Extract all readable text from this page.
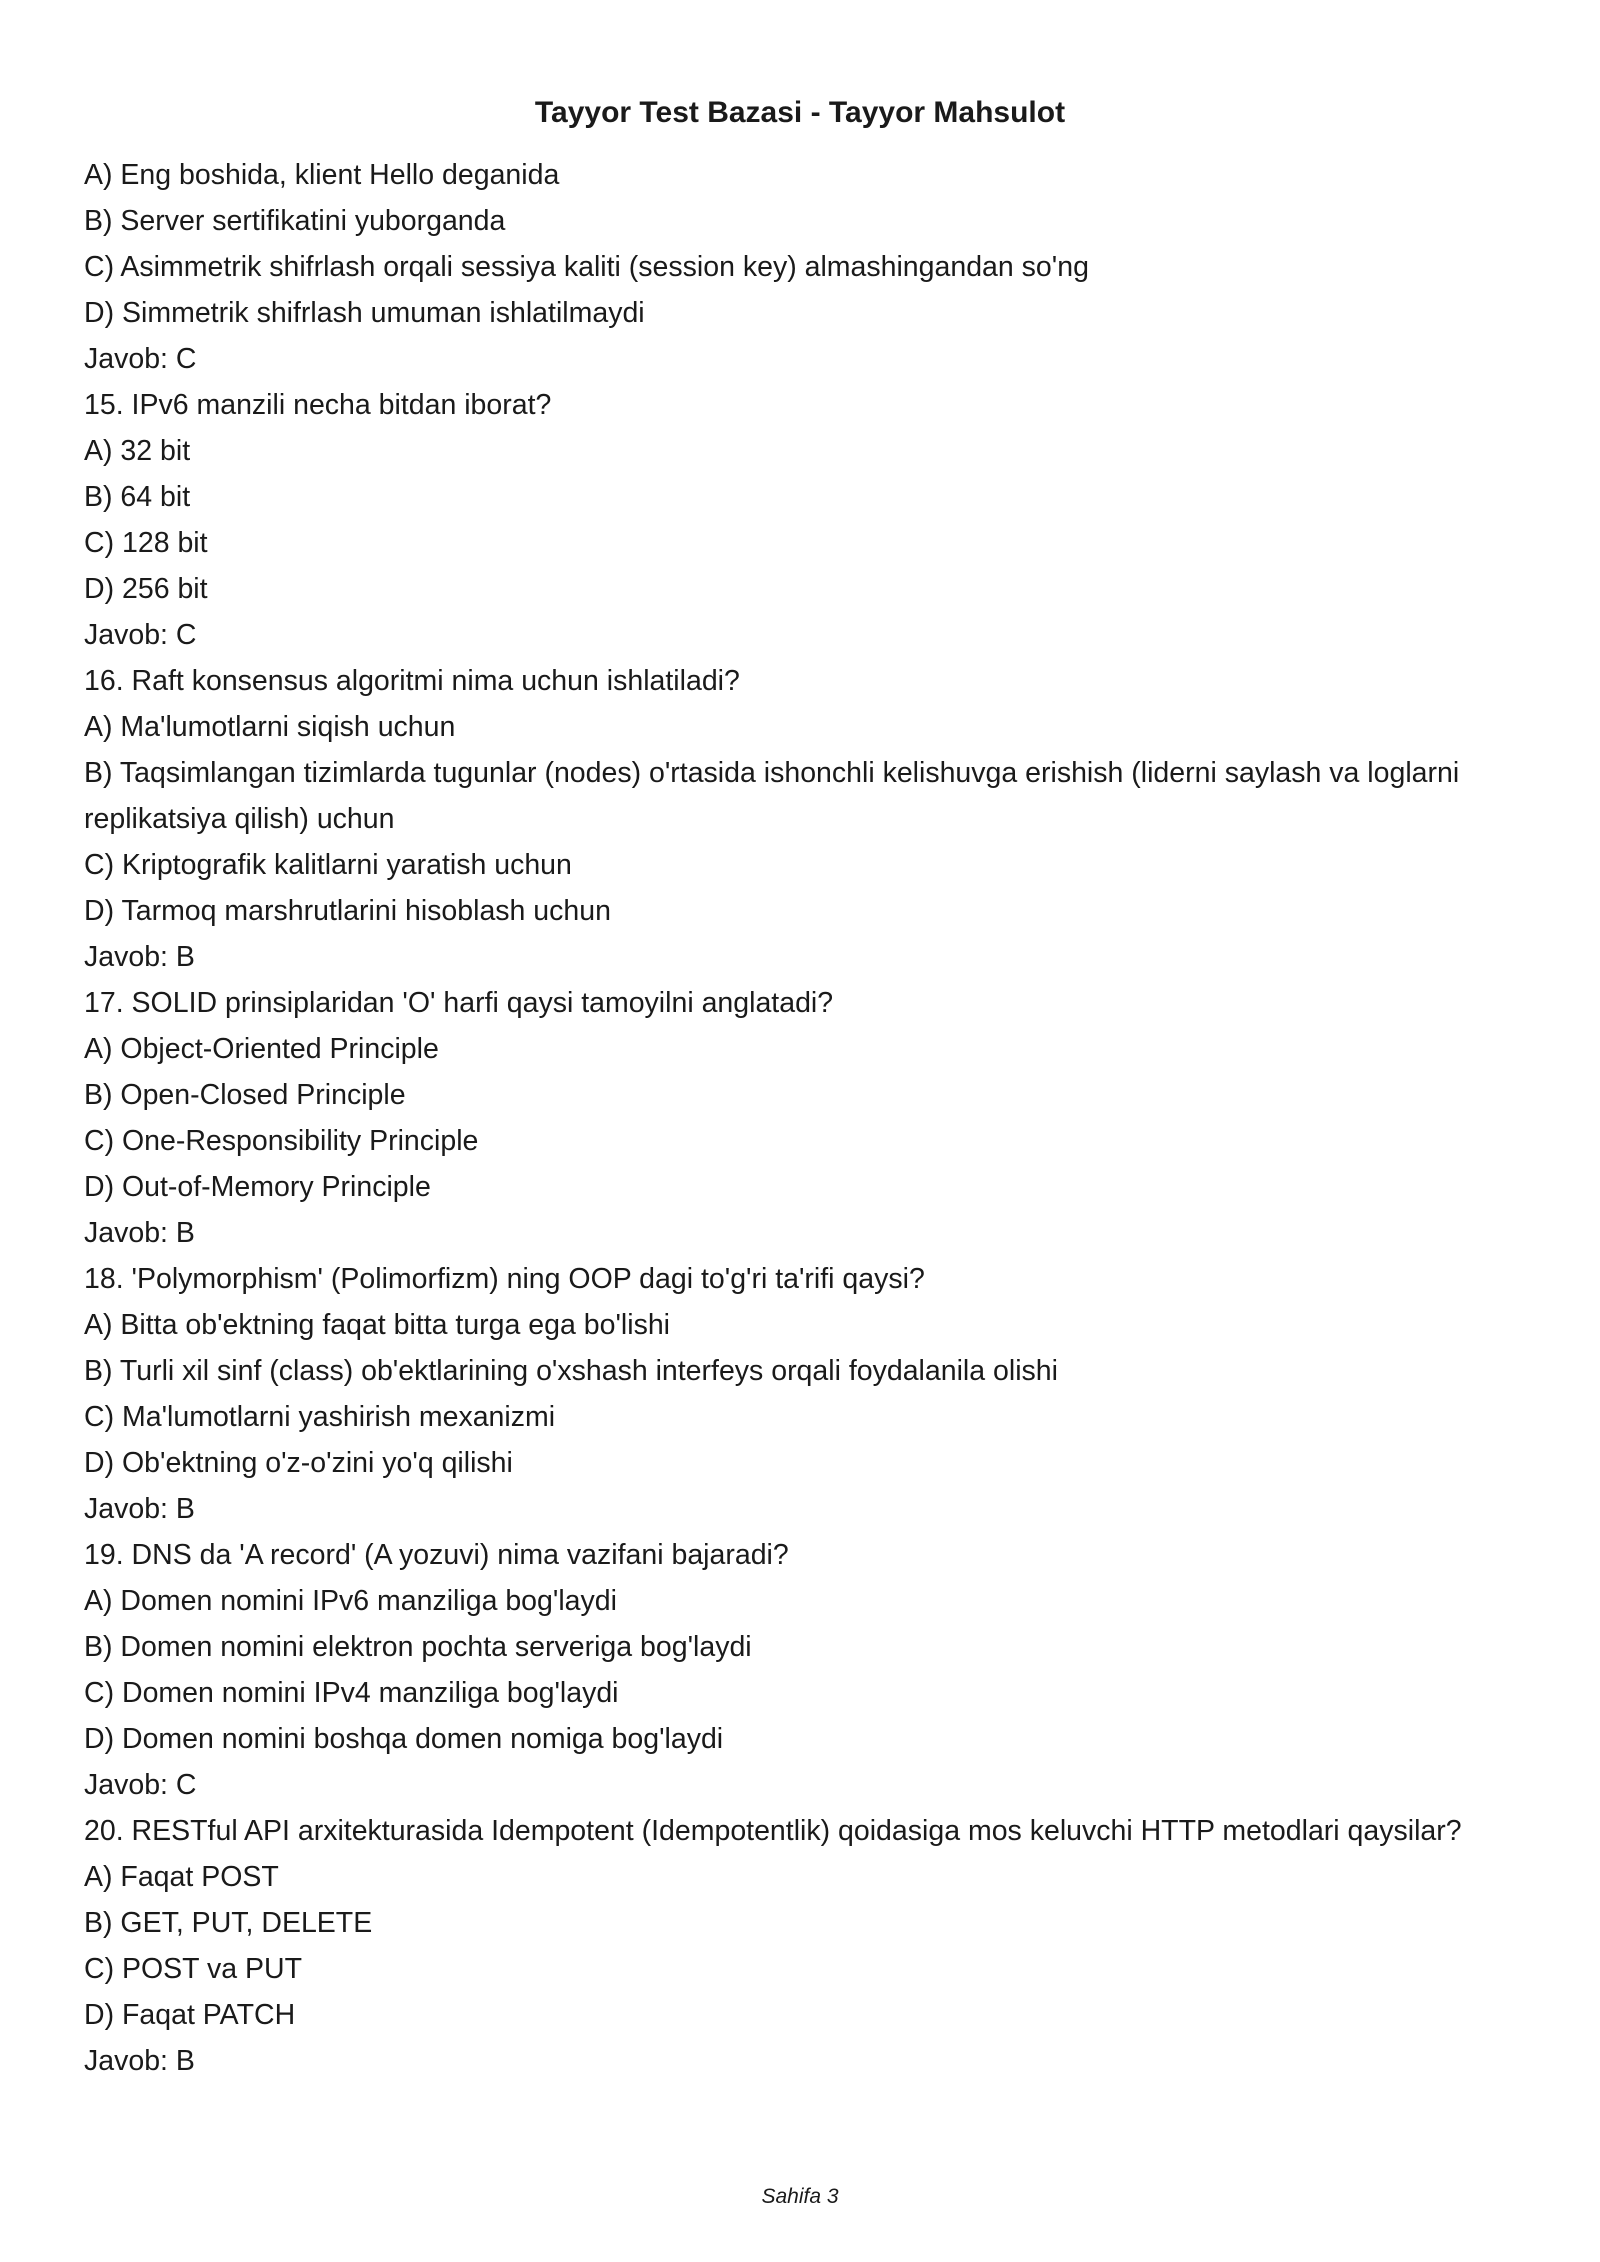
Tayyor Test Bazasi - Tayyor Mahsulot
A) Eng boshida, klient Hello deganida
B) Server sertifikatini yuborganda
C) Asimmetrik shifrlash orqali sessiya kaliti (session key) almashingandan so'ng
D) Simmetrik shifrlash umuman ishlatilmaydi
Javob: C
15. IPv6 manzili necha bitdan iborat?
A) 32 bit
B) 64 bit
C) 128 bit
D) 256 bit
Javob: C
16. Raft konsensus algoritmi nima uchun ishlatiladi?
A) Ma'lumotlarni siqish uchun
B) Taqsimlangan tizimlarda tugunlar (nodes) o'rtasida ishonchli kelishuvga erishish (liderni saylash va loglarni replikatsiya qilish) uchun
C) Kriptografik kalitlarni yaratish uchun
D) Tarmoq marshrutlarini hisoblash uchun
Javob: B
17. SOLID prinsiplaridan 'O' harfi qaysi tamoyilni anglatadi?
A) Object-Oriented Principle
B) Open-Closed Principle
C) One-Responsibility Principle
D) Out-of-Memory Principle
Javob: B
18. 'Polymorphism' (Polimorfizm) ning OOP dagi to'g'ri ta'rifi qaysi?
A) Bitta ob'ektning faqat bitta turga ega bo'lishi
B) Turli xil sinf (class) ob'ektlarining o'xshash interfeys orqali foydalanila olishi
C) Ma'lumotlarni yashirish mexanizmi
D) Ob'ektning o'z-o'zini yo'q qilishi
Javob: B
19. DNS da 'A record' (A yozuvi) nima vazifani bajaradi?
A) Domen nomini IPv6 manziliga bog'laydi
B) Domen nomini elektron pochta serveriga bog'laydi
C) Domen nomini IPv4 manziliga bog'laydi
D) Domen nomini boshqa domen nomiga bog'laydi
Javob: C
20. RESTful API arxitekturasida Idempotent (Idempotentlik) qoidasiga mos keluvchi HTTP metodlari qaysilar?
A) Faqat POST
B) GET, PUT, DELETE
C) POST va PUT
D) Faqat PATCH
Javob: B
Sahifa 3
